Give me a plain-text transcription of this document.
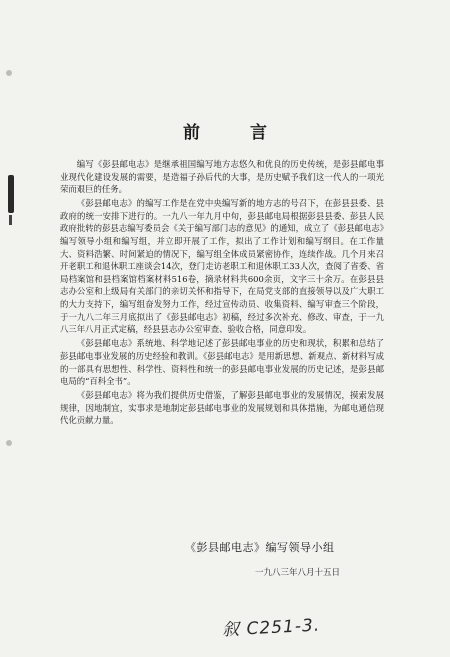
前 言

编写《彭县邮电志》是继承祖国编写地方志悠久和优良的历史传统，是彭县邮电事业现代化建设发展的需要，是造福子孙后代的大事，是历史赋予我们这一代人的一项光荣而艰巨的任务。

《彭县邮电志》的编写工作是在党中央编写新的地方志的号召下，在彭县县委、县政府的统一安排下进行的。一九八一年九月中旬，彭县邮电局根据彭县县委、彭县人民政府批转的彭县志编写委员会《关于编写部门志的意见》的通知，成立了《彭县邮电志》编写领导小组和编写组，并立即开展了工作，拟出了工作计划和编写纲目。在工作量大、资料浩繁、时间紧迫的情况下，编写组全体成员紧密协作，连续作战。几个月来召开老职工和退休职工座谈会14次，登门走访老职工和退休职工33人次，查阅了省委、省局档案馆和县档案馆档案材料516卷，摘录材料共600余页，文字三十余万。在彭县县志办公室和上级局有关部门的亲切关怀和指导下，在局党支部的直接领导以及广大职工的大力支持下，编写组奋发努力工作，经过宣传动员、收集资料、编写审查三个阶段，于一九八二年三月底拟出了《彭县邮电志》初稿，经过多次补充、修改、审查，于一九八三年八月正式定稿，经县县志办公室审查、验收合格，同意印发。

《彭县邮电志》系统地、科学地记述了彭县邮电事业的历史和现状，积累和总结了彭县邮电事业发展的历史经验和教训。《彭县邮电志》是用新思想、新观点、新材料写成的一部具有思想性、科学性、资料性和统一的彭县邮电事业发展的历史记述，是彭县邮电局的“百科全书”。

《彭县邮电志》将为我们提供历史借鉴，了解彭县邮电事业的发展情况，摸索发展规律，因地制宜，实事求是地制定彭县邮电事业的发展规划和具体措施，为邮电通信现代化贡献力量。

《彭县邮电志》编写领导小组
一九八三年八月十五日
叙 C251-3.
